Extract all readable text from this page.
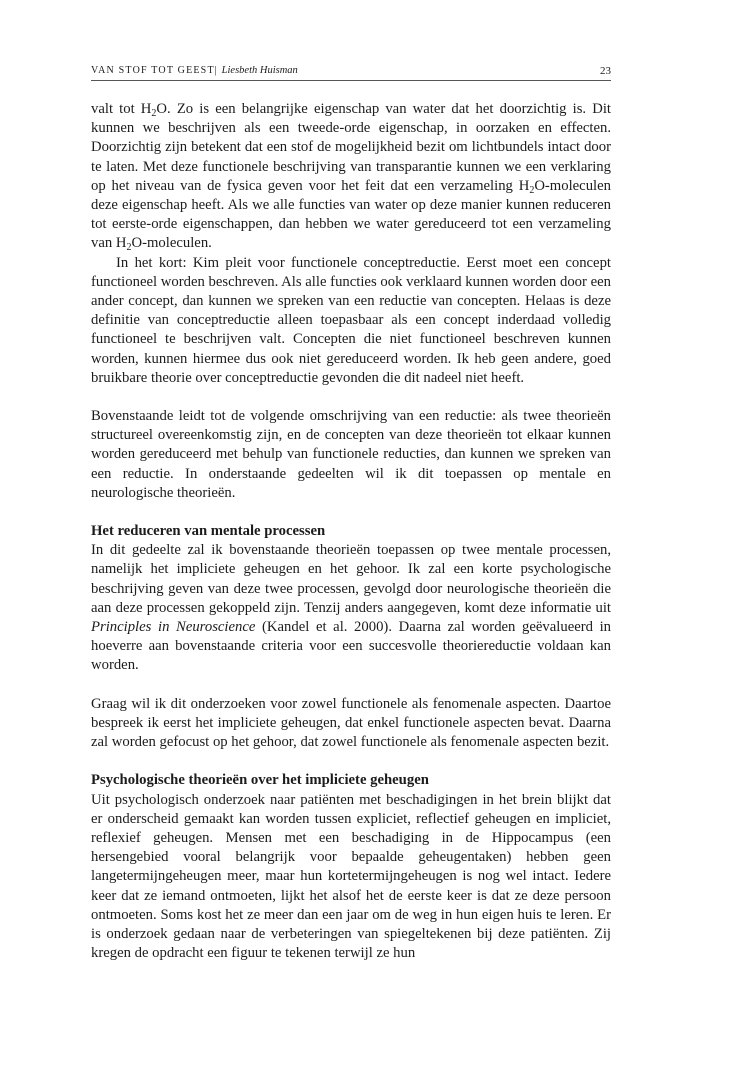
VAN STOF TOT GEEST| Liesbeth Huisman	23

valt tot $H_2O$. Zo is een belangrijke eigenschap van water dat het doorzichtig is. Dit kunnen we beschrijven als een tweede-orde eigenschap, in oorzaken en effecten. Doorzichtig zijn betekent dat een stof de mogelijkheid bezit om lichtbundels intact door te laten. Met deze functionele beschrijving van transparantie kunnen we een verklaring op het niveau van de fysica geven voor het feit dat een verzameling $H_2O$-moleculen deze eigenschap heeft. Als we alle functies van water op deze manier kunnen reduceren tot eerste-orde eigenschappen, dan hebben we water gereduceerd tot een verzameling van $H_2O$-moleculen.

In het kort: Kim pleit voor functionele conceptreductie. Eerst moet een concept functioneel worden beschreven. Als alle functies ook verklaard kunnen worden door een ander concept, dan kunnen we spreken van een reductie van concepten. Helaas is deze definitie van conceptreductie alleen toepasbaar als een concept inderdaad volledig functioneel te beschrijven valt. Concepten die niet functioneel beschreven kunnen worden, kunnen hiermee dus ook niet gereduceerd worden. Ik heb geen andere, goed bruikbare theorie over conceptreductie gevonden die dit nadeel niet heeft.

Bovenstaande leidt tot de volgende omschrijving van een reductie: als twee theorieën structureel overeenkomstig zijn, en de concepten van deze theorieën tot elkaar kunnen worden gereduceerd met behulp van functionele reducties, dan kunnen we spreken van een reductie. In onderstaande gedeelten wil ik dit toepassen op mentale en neurologische theorieën.

Het reduceren van mentale processen

In dit gedeelte zal ik bovenstaande theorieën toepassen op twee mentale processen, namelijk het impliciete geheugen en het gehoor. Ik zal een korte psychologische beschrijving geven van deze twee processen, gevolgd door neurologische theorieën die aan deze processen gekoppeld zijn. Tenzij anders aangegeven, komt deze informatie uit Principles in Neuroscience (Kandel et al. 2000). Daarna zal worden geëvalueerd in hoeverre aan bovenstaande criteria voor een succesvolle theoriereductie voldaan kan worden.

Graag wil ik dit onderzoeken voor zowel functionele als fenomenale aspecten. Daartoe bespreek ik eerst het impliciete geheugen, dat enkel functionele aspecten bevat. Daarna zal worden gefocust op het gehoor, dat zowel functionele als fenomenale aspecten bezit.

Psychologische theorieën over het impliciete geheugen

Uit psychologisch onderzoek naar patiënten met beschadigingen in het brein blijkt dat er onderscheid gemaakt kan worden tussen expliciet, reflectief geheugen en impliciet, reflexief geheugen. Mensen met een beschadiging in de Hippocampus (een hersengebied vooral belangrijk voor bepaalde geheugentaken) hebben geen langetermijngeheugen meer, maar hun kortetermijngeheugen is nog wel intact. Iedere keer dat ze iemand ontmoeten, lijkt het alsof het de eerste keer is dat ze deze persoon ontmoeten. Soms kost het ze meer dan een jaar om de weg in hun eigen huis te leren. Er is onderzoek gedaan naar de verbeteringen van spiegeltekenen bij deze patiënten. Zij kregen de opdracht een figuur te tekenen terwijl ze hun
